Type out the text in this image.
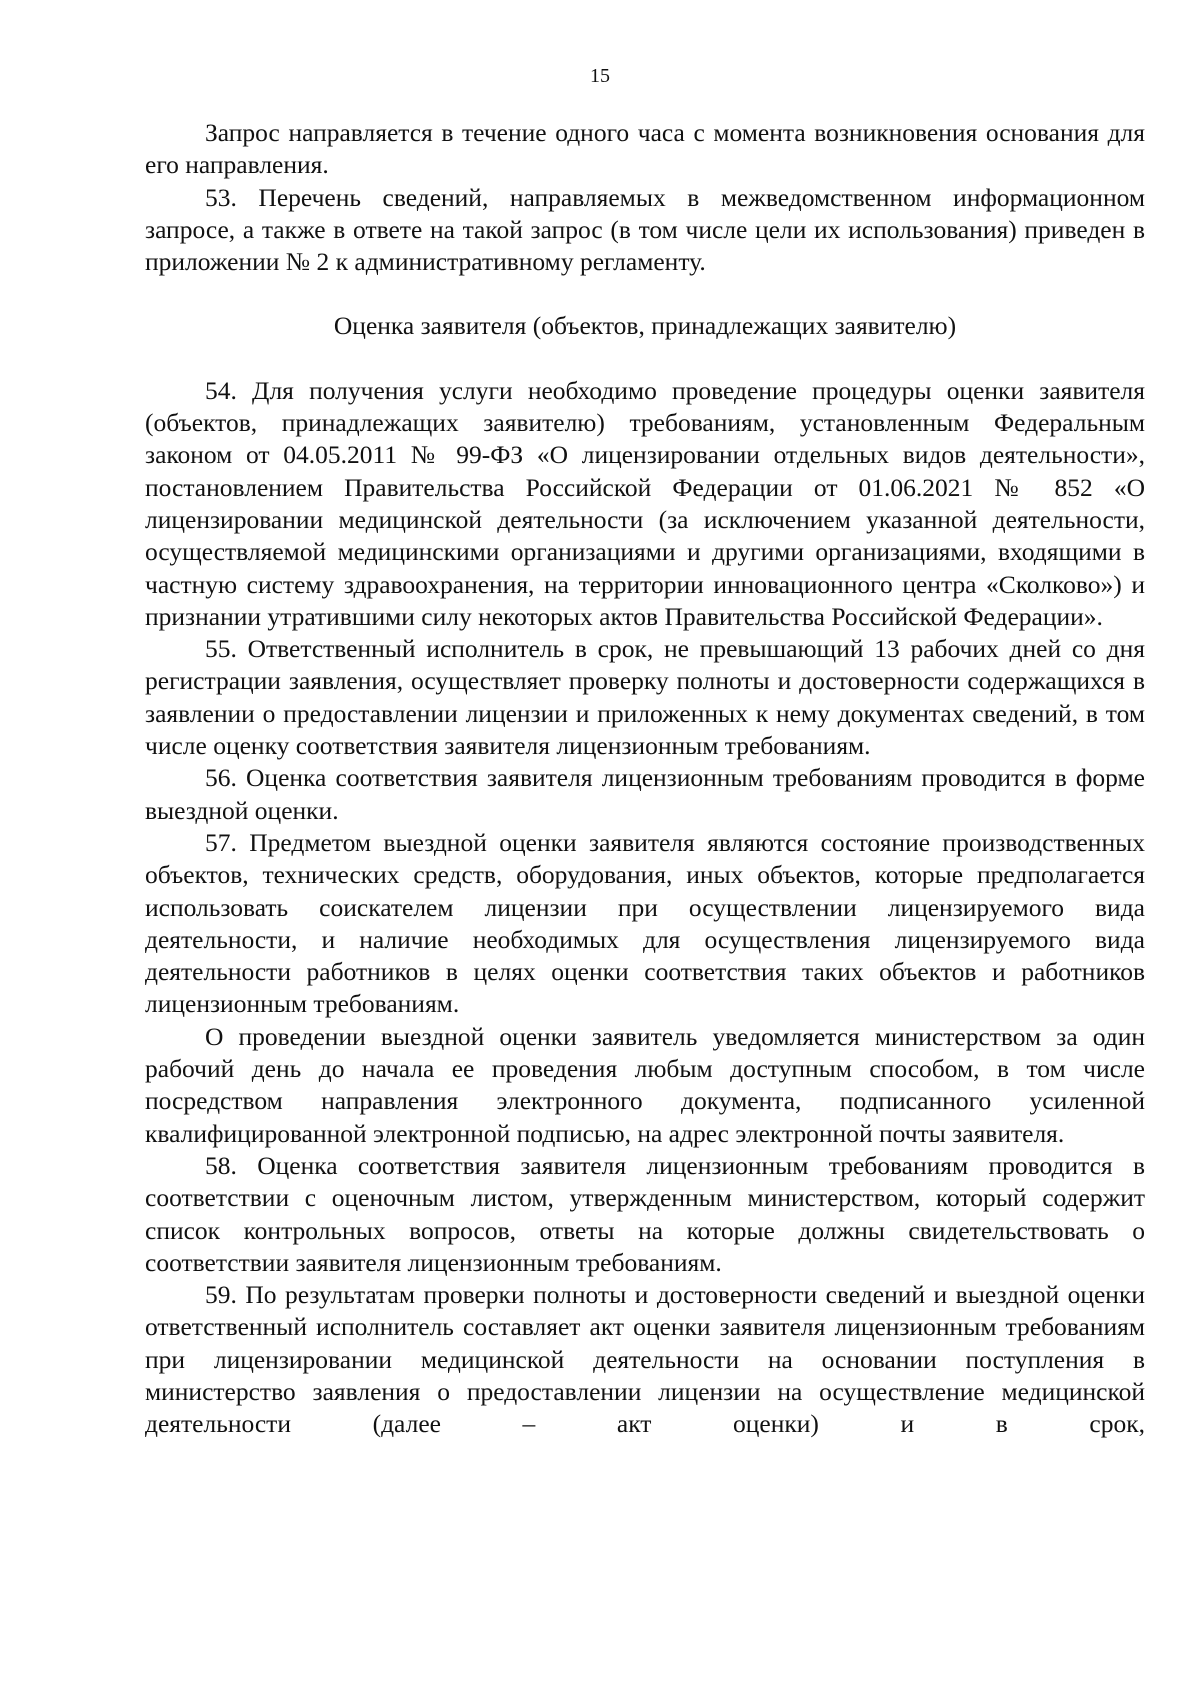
15

Запрос направляется в течение одного часа с момента возникновения основания для его направления.

53. Перечень сведений, направляемых в межведомственном информационном запросе, а также в ответе на такой запрос (в том числе цели их использования) приведен в приложении № 2 к административному регламенту.

Оценка заявителя (объектов, принадлежащих заявителю)

54. Для получения услуги необходимо проведение процедуры оценки заявителя (объектов, принадлежащих заявителю) требованиям, установленным Федеральным законом от 04.05.2011 № 99-ФЗ «О лицензировании отдельных видов деятельности», постановлением Правительства Российской Федерации от 01.06.2021 № 852 «О лицензировании медицинской деятельности (за исключением указанной деятельности, осуществляемой медицинскими организациями и другими организациями, входящими в частную систему здравоохранения, на территории инновационного центра «Сколково») и признании утратившими силу некоторых актов Правительства Российской Федерации».

55. Ответственный исполнитель в срок, не превышающий 13 рабочих дней со дня регистрации заявления, осуществляет проверку полноты и достоверности содержащихся в заявлении о предоставлении лицензии и приложенных к нему документах сведений, в том числе оценку соответствия заявителя лицензионным требованиям.

56. Оценка соответствия заявителя лицензионным требованиям проводится в форме выездной оценки.

57. Предметом выездной оценки заявителя являются состояние производственных объектов, технических средств, оборудования, иных объектов, которые предполагается использовать соискателем лицензии при осуществлении лицензируемого вида деятельности, и наличие необходимых для осуществления лицензируемого вида деятельности работников в целях оценки соответствия таких объектов и работников лицензионным требованиям.

О проведении выездной оценки заявитель уведомляется министерством за один рабочий день до начала ее проведения любым доступным способом, в том числе посредством направления электронного документа, подписанного усиленной квалифицированной электронной подписью, на адрес электронной почты заявителя.

58. Оценка соответствия заявителя лицензионным требованиям проводится в соответствии с оценочным листом, утвержденным министерством, который содержит список контрольных вопросов, ответы на которые должны свидетельствовать о соответствии заявителя лицензионным требованиям.

59. По результатам проверки полноты и достоверности сведений и выездной оценки ответственный исполнитель составляет акт оценки заявителя лицензионным требованиям при лицензировании медицинской деятельности на основании поступления в министерство заявления о предоставлении лицензии на осуществление медицинской деятельности (далее – акт оценки) и в срок,
